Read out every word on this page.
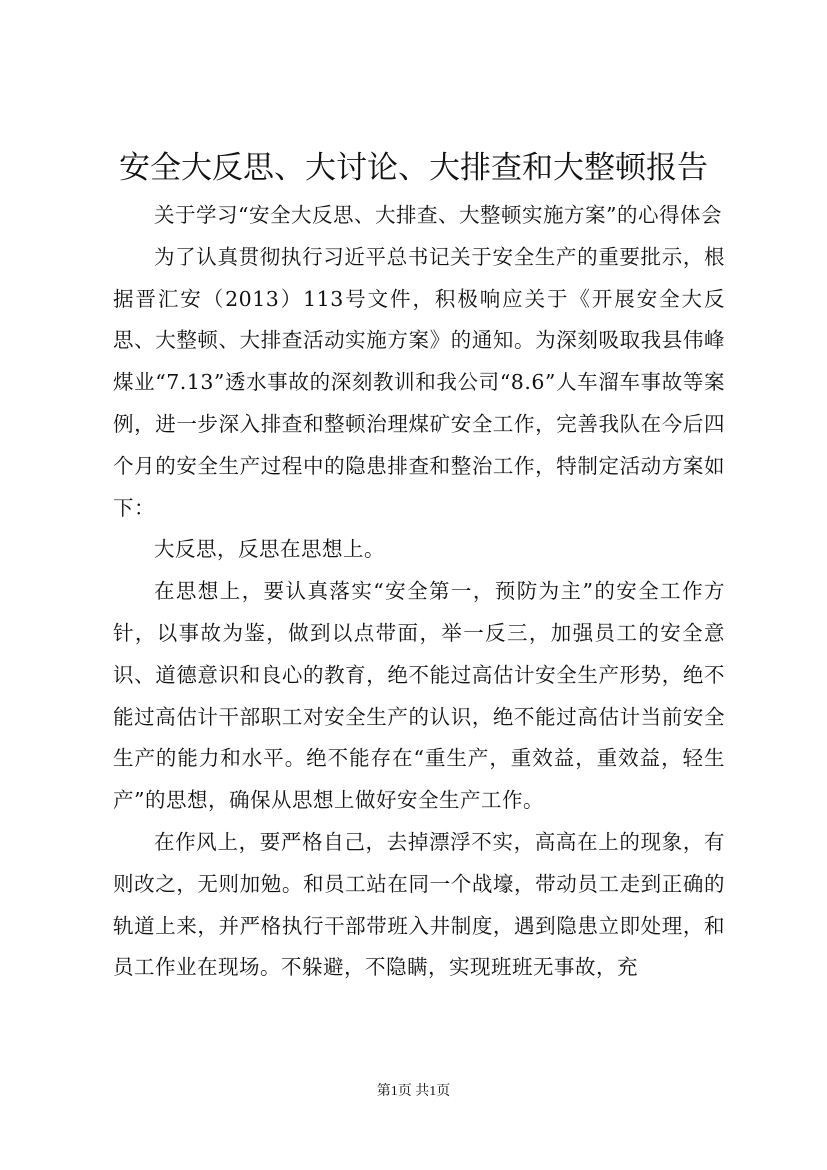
安全大反思、大讨论、大排查和大整顿报告

关于学习“安全大反思、大排查、大整顿实施方案”的心得体会

为了认真贯彻执行习近平总书记关于安全生产的重要批示，根据晋汇安（2013）113号文件，积极响应关于《开展安全大反思、大整顿、大排查活动实施方案》的通知。为深刻吸取我县伟峰煤业“7.13”透水事故的深刻教训和我公司“8.6”人车溜车事故等案例，进一步深入排查和整顿治理煤矿安全工作，完善我队在今后四个月的安全生产过程中的隐患排查和整治工作，特制定活动方案如下：

大反思，反思在思想上。

在思想上，要认真落实“安全第一，预防为主”的安全工作方针，以事故为鉴，做到以点带面，举一反三，加强员工的安全意识、道德意识和良心的教育，绝不能过高估计安全生产形势，绝不能过高估计干部职工对安全生产的认识，绝不能过高估计当前安全生产的能力和水平。绝不能存在“重生产，重效益，重效益，轻生产”的思想，确保从思想上做好安全生产工作。

在作风上，要严格自己，去掉漂浮不实，高高在上的现象，有则改之，无则加勉。和员工站在同一个战壕，带动员工走到正确的轨道上来，并严格执行干部带班入井制度，遇到隐患立即处理，和员工作业在现场。不躲避，不隐瞒，实现班班无事故，充

第1页 共1页
